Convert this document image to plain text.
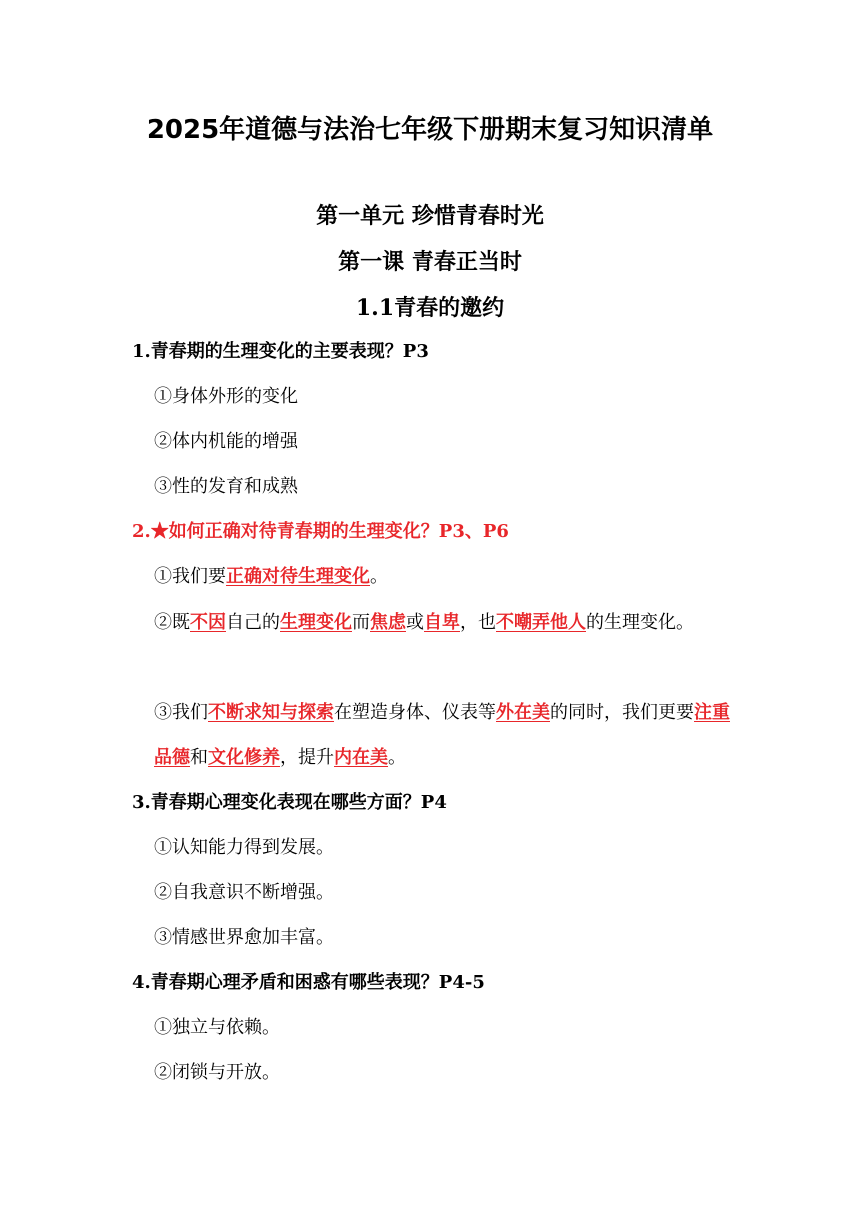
2025年道德与法治七年级下册期末复习知识清单
第一单元 珍惜青春时光
第一课 青春正当时
1.1青春的邀约

1.青春期的生理变化的主要表现？P3

①身体外形的变化

②体内机能的增强

③性的发育和成熟

2.★如何正确对待青春期的生理变化？P3、P6

①我们要正确对待生理变化。

②既不因自己的生理变化而焦虑或自卑，也不嘲弄他人的生理变化。

③我们不断求知与探索在塑造身体、仪表等外在美的同时，我们更要注重品德和文化修养，提升内在美。

3.青春期心理变化表现在哪些方面？P4

①认知能力得到发展。

②自我意识不断增强。

③情感世界愈加丰富。

4.青春期心理矛盾和困惑有哪些表现？P4-5

①独立与依赖。

②闭锁与开放。
